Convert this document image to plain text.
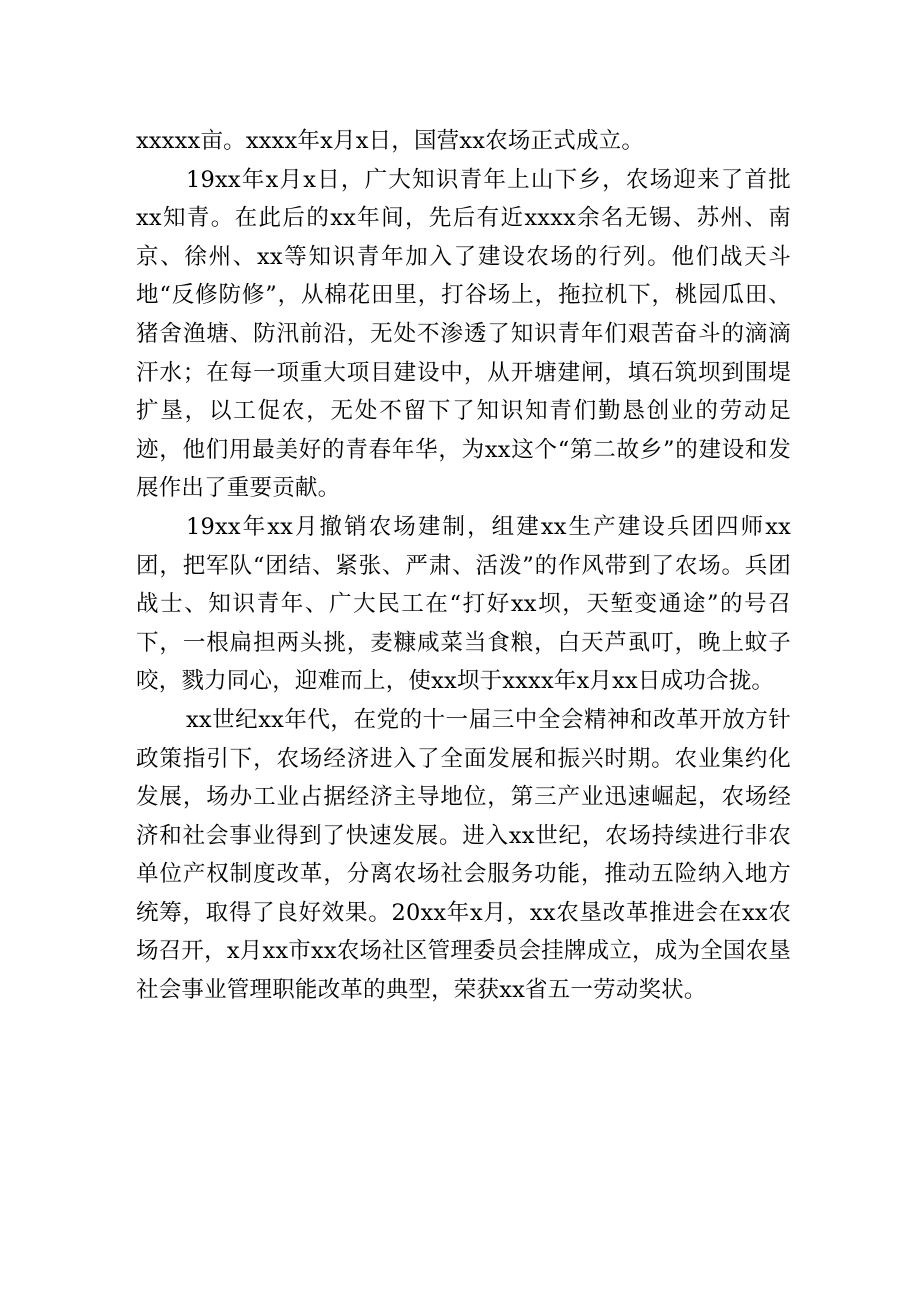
xxxxx亩。xxxx年x月x日，国营xx农场正式成立。

19xx年x月x日，广大知识青年上山下乡，农场迎来了首批xx知青。在此后的xx年间，先后有近xxxx余名无锡、苏州、南京、徐州、xx等知识青年加入了建设农场的行列。他们战天斗地“反修防修”，从棉花田里，打谷场上，拖拉机下，桃园瓜田、猪舍渔塘、防汛前沿，无处不渗透了知识青年们艰苦奋斗的滴滴汗水；在每一项重大项目建设中，从开塘建闸，填石筑坝到围堤扩垦，以工促农，无处不留下了知识知青们勤恳创业的劳动足迹，他们用最美好的青春年华，为xx这个“第二故乡”的建设和发展作出了重要贡献。

19xx年xx月撤销农场建制，组建xx生产建设兵团四师xx团，把军队“团结、紧张、严肃、活泼”的作风带到了农场。兵团战士、知识青年、广大民工在“打好xx坝，天堑变通途”的号召下，一根扁担两头挑，麦糠咸菜当食粮，白天芦虱叮，晚上蚊子咬，戮力同心，迎难而上，使xx坝于xxxx年x月xx日成功合拢。

xx世纪xx年代，在党的十一届三中全会精神和改革开放方针政策指引下，农场经济进入了全面发展和振兴时期。农业集约化发展，场办工业占据经济主导地位，第三产业迅速崛起，农场经济和社会事业得到了快速发展。进入xx世纪，农场持续进行非农单位产权制度改革，分离农场社会服务功能，推动五险纳入地方统筹，取得了良好效果。20xx年x月，xx农垦改革推进会在xx农场召开，x月xx市xx农场社区管理委员会挂牌成立，成为全国农垦社会事业管理职能改革的典型，荣获xx省五一劳动奖状。
